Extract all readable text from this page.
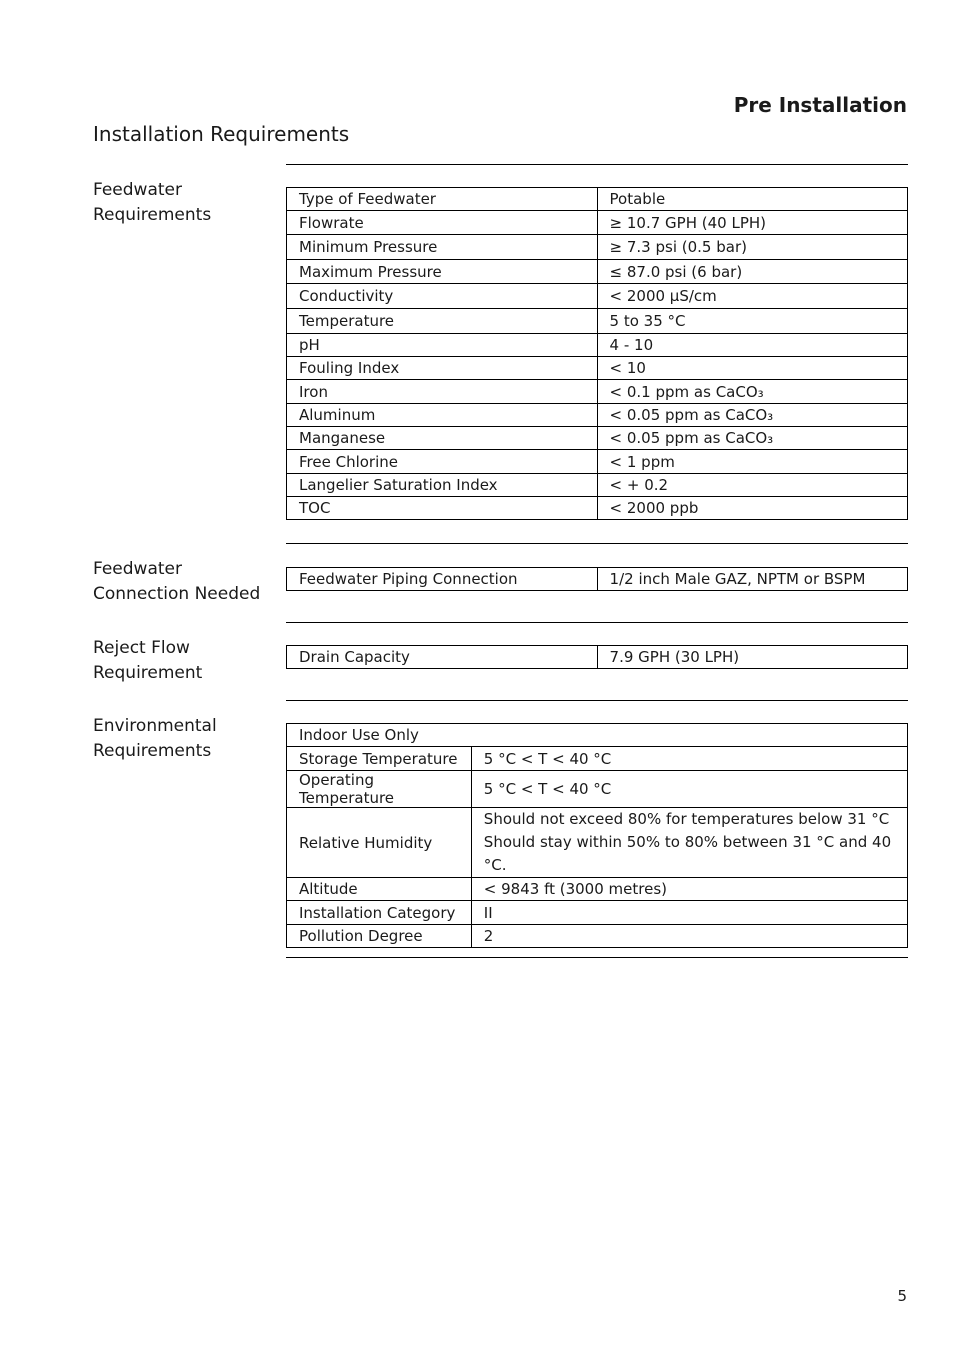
Pre Installation
Installation Requirements
Feedwater
Requirements
Type of Feedwater	Potable
Flowrate	≥ 10.7 GPH (40 LPH)
Minimum Pressure	≥ 7.3 psi (0.5 bar)
Maximum Pressure	≤ 87.0 psi (6 bar)
Conductivity	< 2000 µS/cm
Temperature	5 to 35 °C
pH	4 - 10
Fouling Index	< 10
Iron	< 0.1 ppm as CaCO₃
Aluminum	< 0.05 ppm as CaCO₃
Manganese	< 0.05 ppm as CaCO₃
Free Chlorine	< 1 ppm
Langelier Saturation Index	< + 0.2
TOC	< 2000 ppb
Feedwater
Connection Needed
Feedwater Piping Connection	1/2 inch Male GAZ, NPTM or BSPM
Reject Flow
Requirement
Drain Capacity	7.9 GPH (30 LPH)
Environmental
Requirements
Indoor Use Only	
Storage Temperature	5 °C < T < 40 °C
Operating Temperature	5 °C < T < 40 °C
Relative Humidity	Should not exceed 80% for temperatures below 31 °C
Should stay within 50% to 80% between 31 °C and 40 °C.

Altitude	< 9843 ft (3000 metres)
Installation Category	II
Pollution Degree	2
5
